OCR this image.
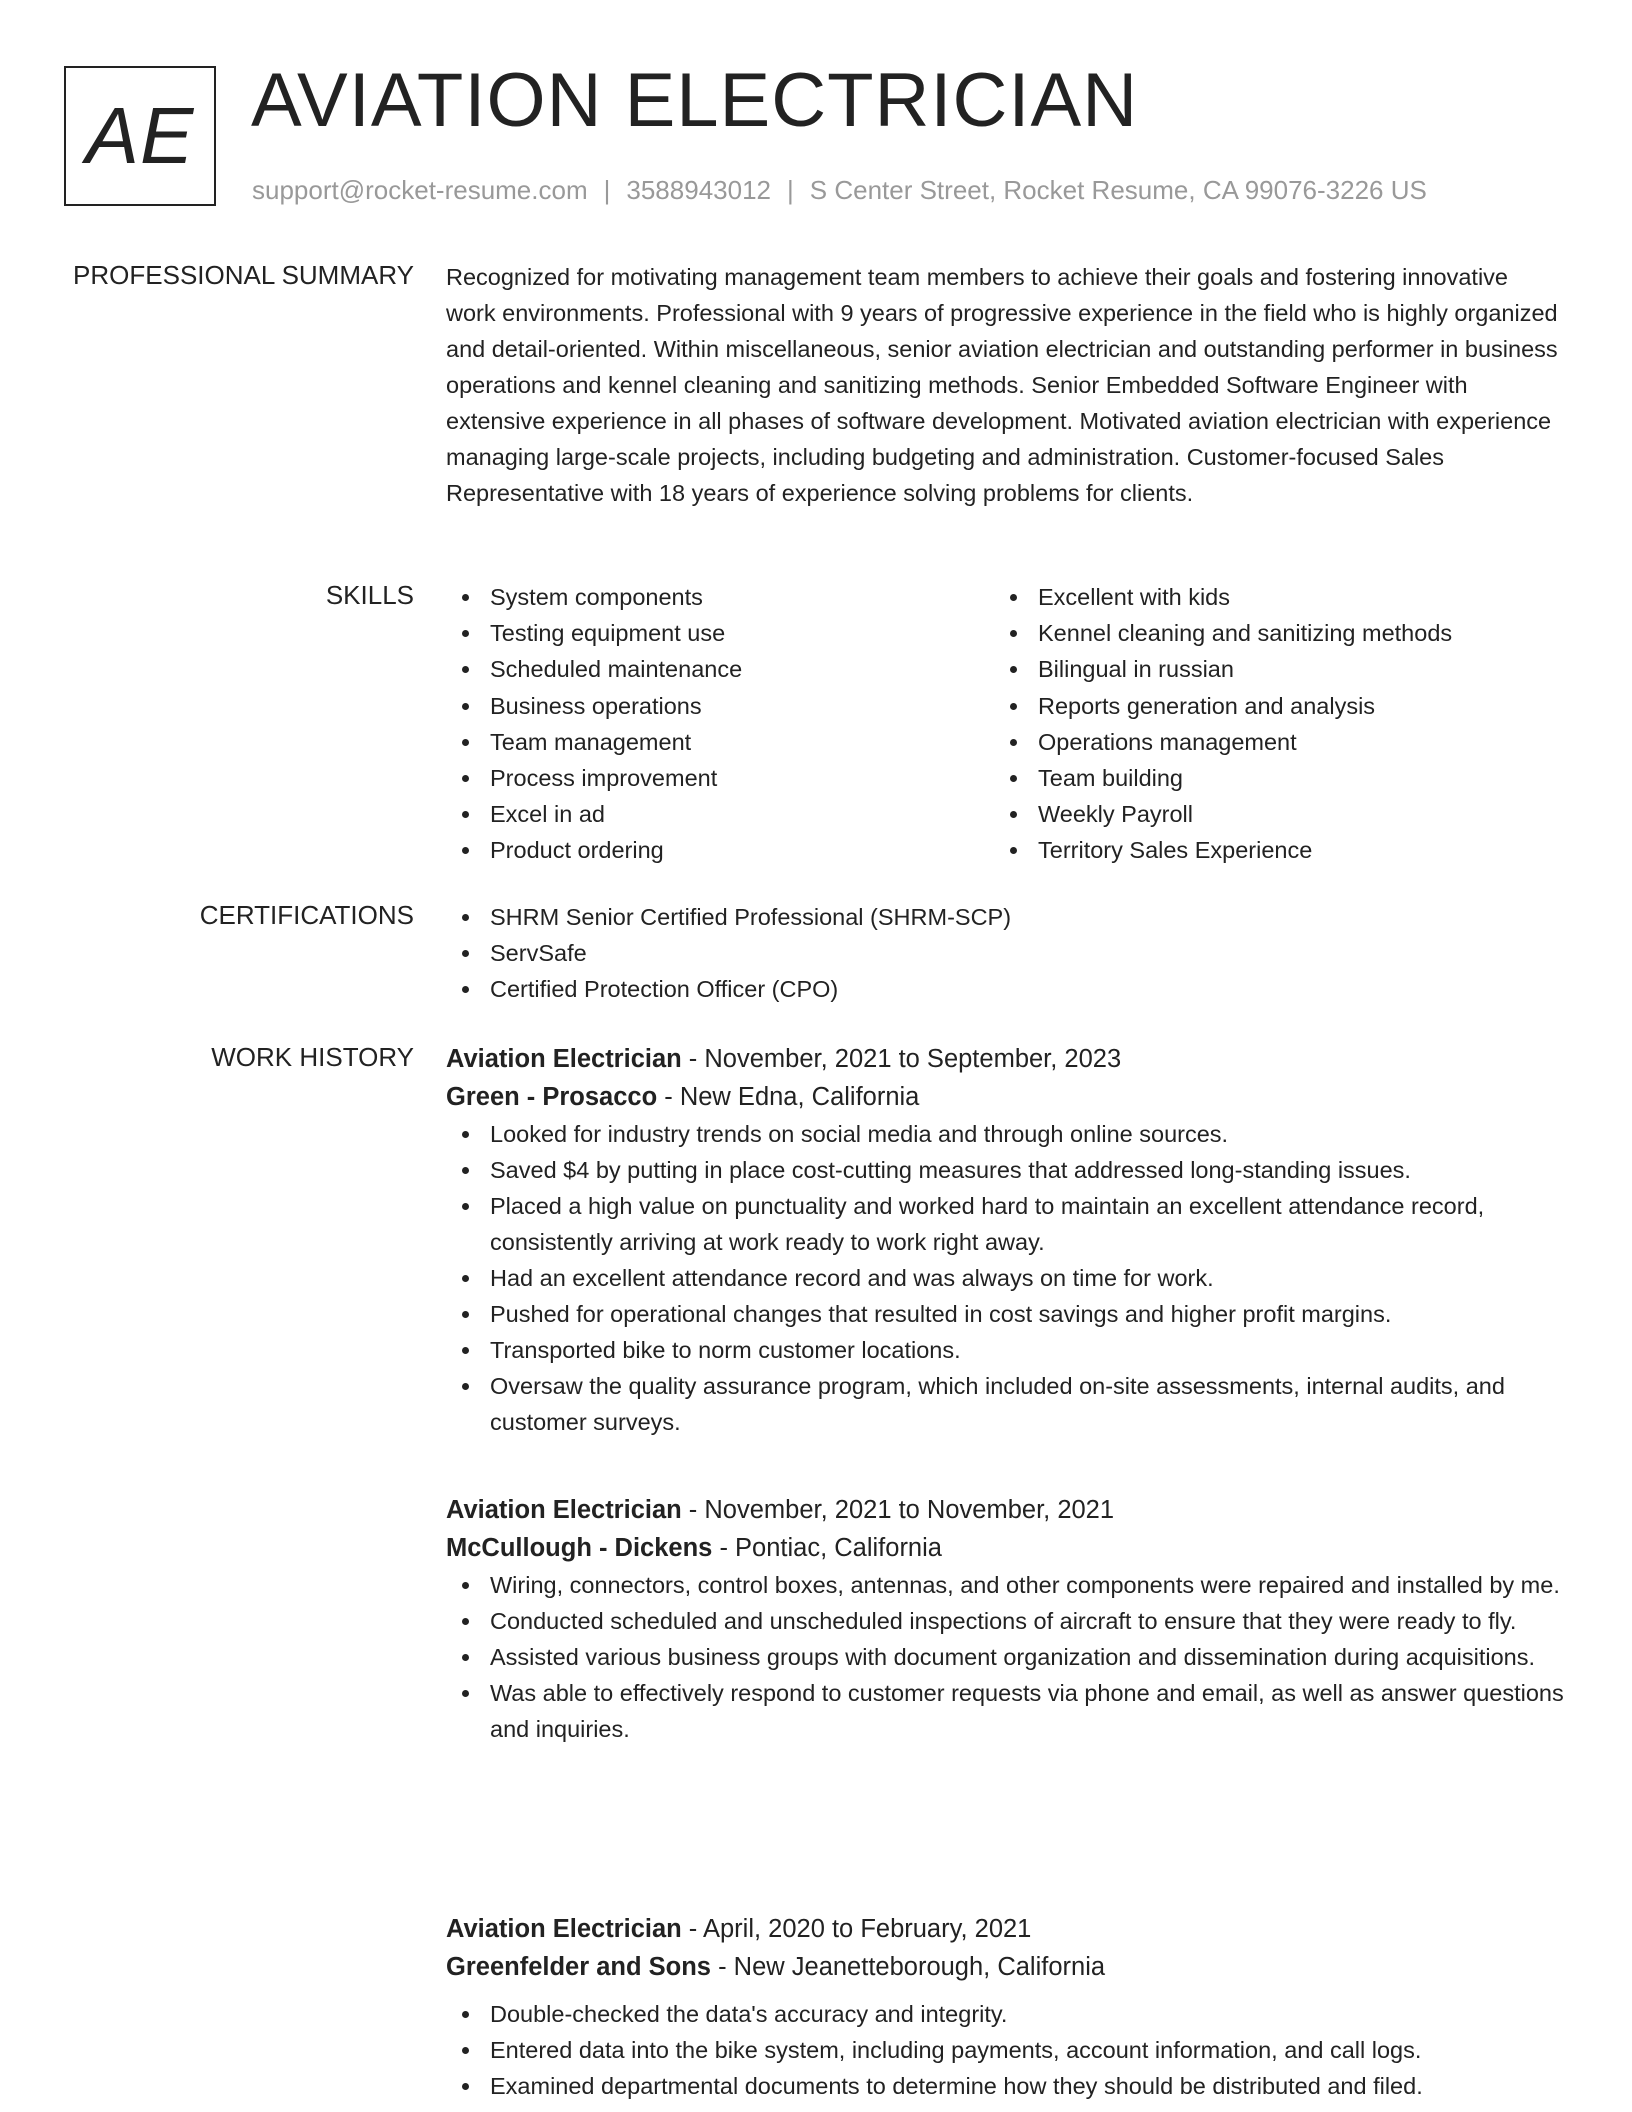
AE AVIATION ELECTRICIAN
support@rocket-resume.com | 3588943012 | S Center Street, Rocket Resume, CA 99076-3226 US
PROFESSIONAL SUMMARY Recognized for motivating management team members to achieve their goals and fostering innovative work environments. Professional with 9 years of progressive experience in the field who is highly organized and detail-oriented. Within miscellaneous, senior aviation electrician and outstanding performer in business operations and kennel cleaning and sanitizing methods. Senior Embedded Software Engineer with extensive experience in all phases of software development. Motivated aviation electrician with experience managing large-scale projects, including budgeting and administration. Customer-focused Sales Representative with 18 years of experience solving problems for clients.
SKILLS	System components
Testing equipment use
Scheduled maintenance
Business operations
Team management
Process improvement
Excel in ad
Product ordering
Excellent with kids
Kennel cleaning and sanitizing methods
Bilingual in russian
Reports generation and analysis
Operations management
Team building
Weekly Payroll
Territory Sales Experience
CERTIFICATIONS	SHRM Senior Certified Professional (SHRM-SCP)
ServSafe
Certified Protection Officer (CPO)
WORK HISTORY Aviation Electrician - November, 2021 to September, 2023
Green - Prosacco - New Edna, California
Looked for industry trends on social media and through online sources.
Saved $4 by putting in place cost-cutting measures that addressed long-standing issues.
Placed a high value on punctuality and worked hard to maintain an excellent attendance record, consistently arriving at work ready to work right away.
Had an excellent attendance record and was always on time for work.
Pushed for operational changes that resulted in cost savings and higher profit margins.
Transported bike to norm customer locations.
Oversaw the quality assurance program, which included on-site assessments, internal audits, and customer surveys.
Aviation Electrician - November, 2021 to November, 2021
McCullough - Dickens - Pontiac, California
Wiring, connectors, control boxes, antennas, and other components were repaired and installed by me.
Conducted scheduled and unscheduled inspections of aircraft to ensure that they were ready to fly.
Assisted various business groups with document organization and dissemination during acquisitions.
Was able to effectively respond to customer requests via phone and email, as well as answer questions and inquiries.
Aviation Electrician - April, 2020 to February, 2021
Greenfelder and Sons - New Jeanetteborough, California
Double-checked the data's accuracy and integrity.
Entered data into the bike system, including payments, account information, and call logs.
Examined departmental documents to determine how they should be distributed and filed.
